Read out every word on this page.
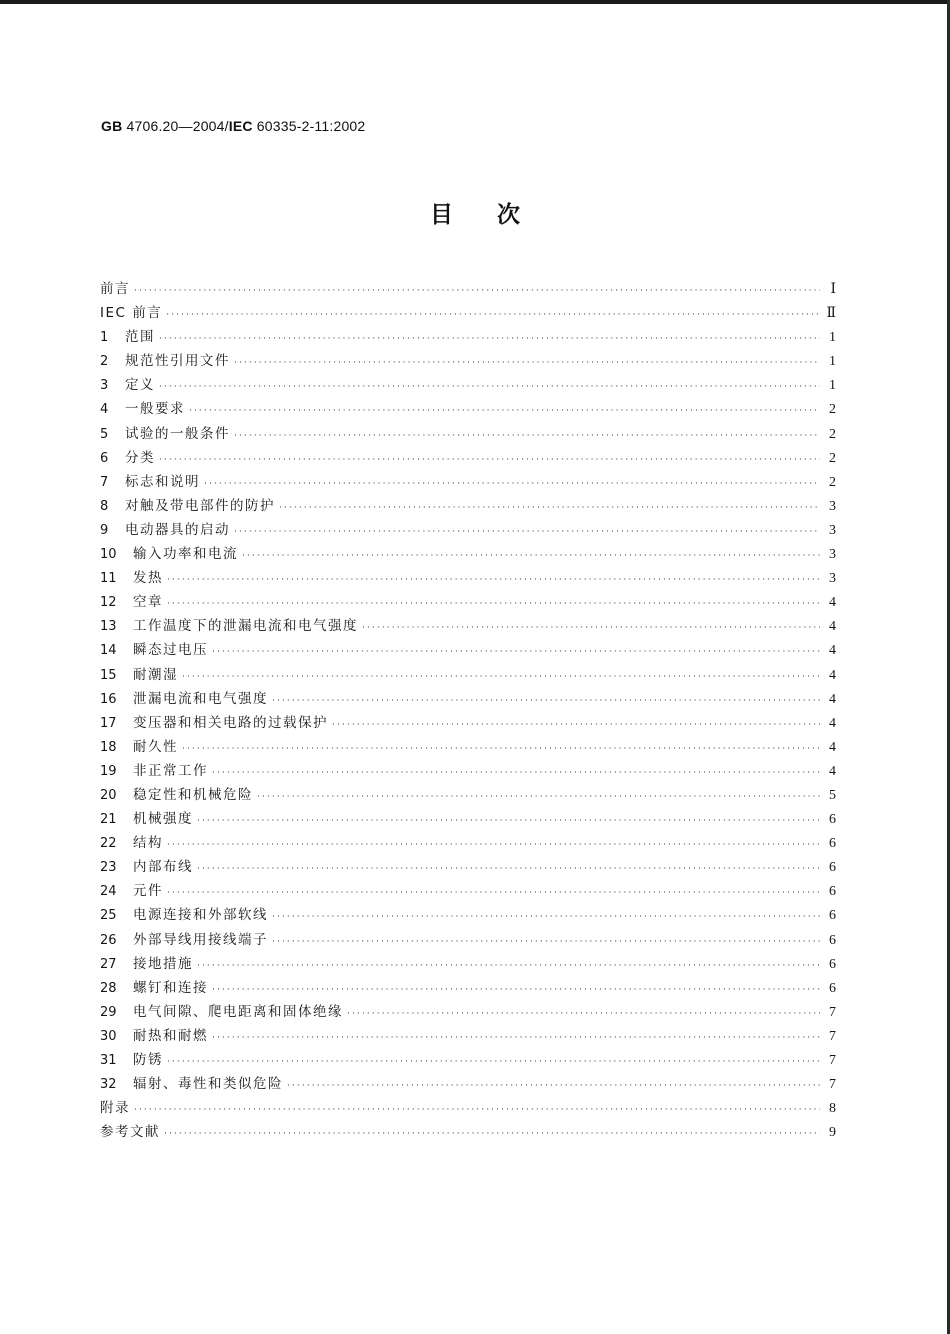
GB 4706.20—2004/IEC 60335-2-11:2002
目 次
前言 ·····	Ⅰ
IEC 前言 ·····	Ⅱ
1	范围 ·····	1
2	规范性引用文件 ·····	1
3	定义 ·····	1
4	一般要求 ·····	2
5	试验的一般条件 ·····	2
6	分类 ·····	2
7	标志和说明 ·····	2
8	对触及带电部件的防护 ·····	3
9	电动器具的启动 ·····	3
10	输入功率和电流 ·····	3
11	发热 ·····	3
12	空章 ·····	4
13	工作温度下的泄漏电流和电气强度 ·····	4
14	瞬态过电压 ·····	4
15	耐潮湿 ·····	4
16	泄漏电流和电气强度 ·····	4
17	变压器和相关电路的过载保护 ·····	4
18	耐久性 ·····	4
19	非正常工作 ·····	4
20	稳定性和机械危险 ·····	5
21	机械强度 ·····	6
22	结构 ·····	6
23	内部布线 ·····	6
24	元件 ·····	6
25	电源连接和外部软线 ·····	6
26	外部导线用接线端子 ·····	6
27	接地措施 ·····	6
28	螺钉和连接 ·····	6
29	电气间隙、爬电距离和固体绝缘 ·····	7
30	耐热和耐燃 ·····	7
31	防锈 ·····	7
32	辐射、毒性和类似危险 ·····	7
附录 ·····	8
参考文献 ·····	9
